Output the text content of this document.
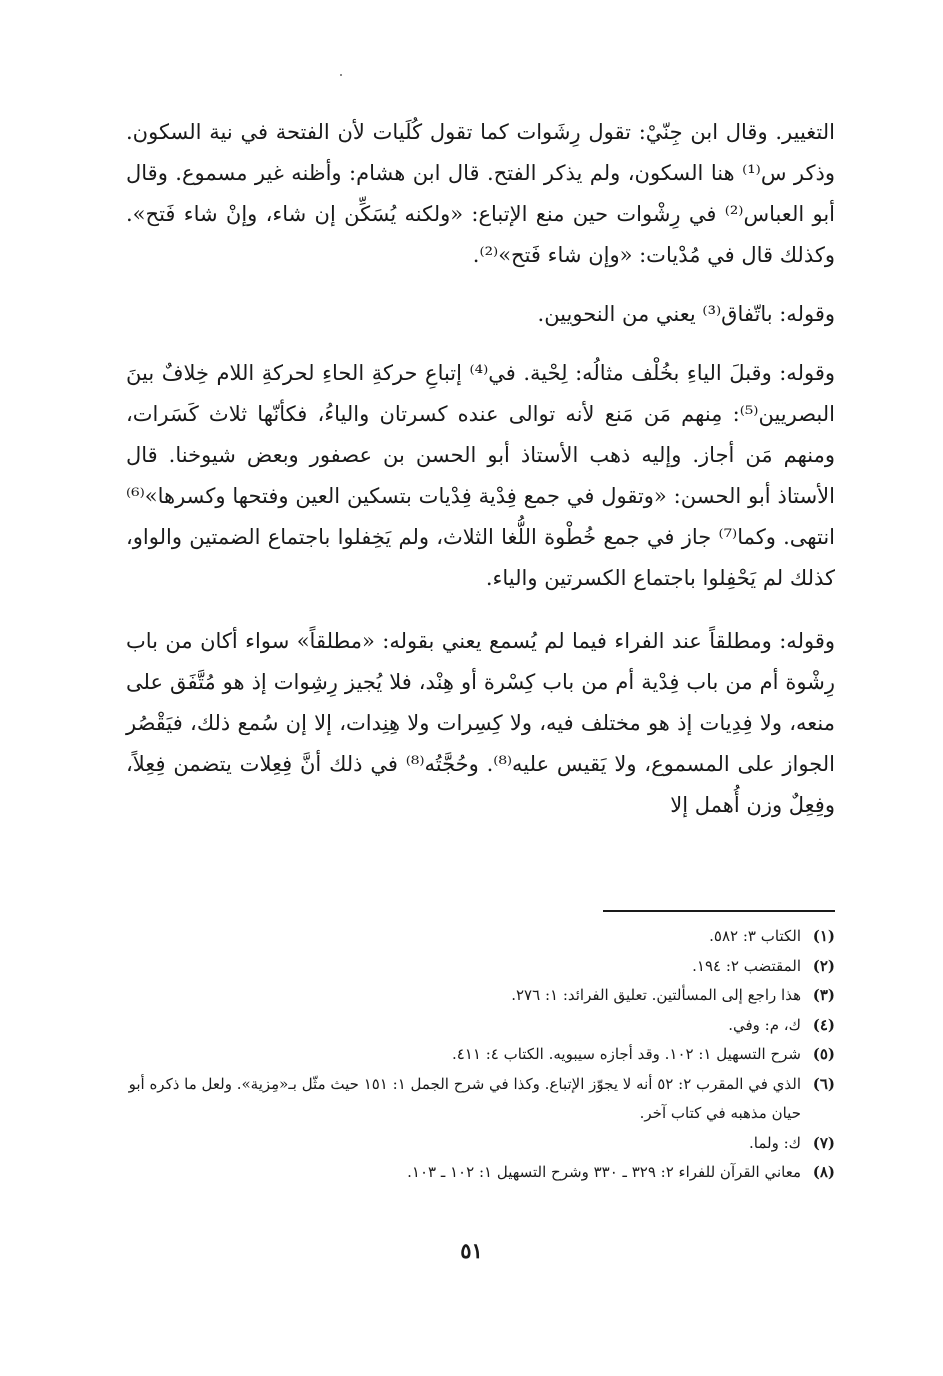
التغيير. وقال ابن جِنّيْ: تقول رِشَوات كما تقول كُلَيات لأن الفتحة في نية السكون. وذكر س⁽¹⁾ هنا السكون، ولم يذكر الفتح. قال ابن هشام: وأظنه غير مسموع. وقال أبو العباس⁽²⁾ في رِشْوات حين منع الإتباع: «ولكنه يُسَكِّن إن شاء، وإنْ شاء فَتح». وكذلك قال في مُدْيات: «وإن شاء فَتح»⁽²⁾.

وقوله: باتّفاق⁽³⁾ يعني من النحويين.

وقوله: وقبلَ الياءِ بخُلْف مثالُه: لِحْية. في⁽⁴⁾ إتباعِ حركةِ الحاءِ لحركةِ اللام خِلافٌ بينَ البصريين⁽⁵⁾: مِنهم مَن مَنع لأنه توالى عنده كسرتان والياءُ، فكأنّها ثلاث كَسَرات، ومنهم مَن أجاز. وإليه ذهب الأستاذ أبو الحسن بن عصفور وبعض شيوخنا. قال الأستاذ أبو الحسن: «وتقول في جمع فِدْية فِدْيات بتسكين العين وفتحها وكسرها»⁽⁶⁾ انتهى. وكما⁽⁷⁾ جاز في جمع خُطْوة اللُّغا الثلاث، ولم يَخِفلوا باجتماع الضمتين والواو، كذلك لم يَحْفِلوا باجتماع الكسرتين والياء.

وقوله: ومطلقاً عند الفراء فيما لم يُسمع يعني بقوله: «مطلقاً» سواء أكان من باب رِشْوة أم من باب فِدْية أم من باب كِسْرة أو هِنْد، فلا يُجيز رِشِوات إذ هو مُتَّفَق على منعه، ولا فِدِيات إذ هو مختلف فيه، ولا كِسِرات ولا هِنِدات، إلا إن سُمع ذلك، فيَقْصُر الجواز على المسموع، ولا يَقيس عليه⁽⁸⁾. وحُجَّتُه⁽⁸⁾ في ذلك أنَّ فِعِلات يتضمن فِعِلاً، وفِعِلٌ وزن أُهمل إلا

(١)
الكتاب ٣: ٥٨٢.
(٢)
المقتضب ٢: ١٩٤.
(٣)
هذا راجع إلى المسألتين. تعليق الفرائد: ١: ٢٧٦.
(٤)
ك، م: وفي.
(٥)
شرح التسهيل ١: ١٠٢. وقد أجازه سيبويه. الكتاب ٤: ٤١١.
(٦)
الذي في المقرب ٢: ٥٢ أنه لا يجوّز الإتباع. وكذا في شرح الجمل ١: ١٥١ حيث مثّل بـ«مِزية». ولعل ما ذكره أبو حيان مذهبه في كتاب آخر.
(٧)
ك: ولما.
(٨)
معاني القرآن للفراء ٢: ٣٢٩ ـ ٣٣٠ وشرح التسهيل ١: ١٠٢ ـ ١٠٣.
٥١
